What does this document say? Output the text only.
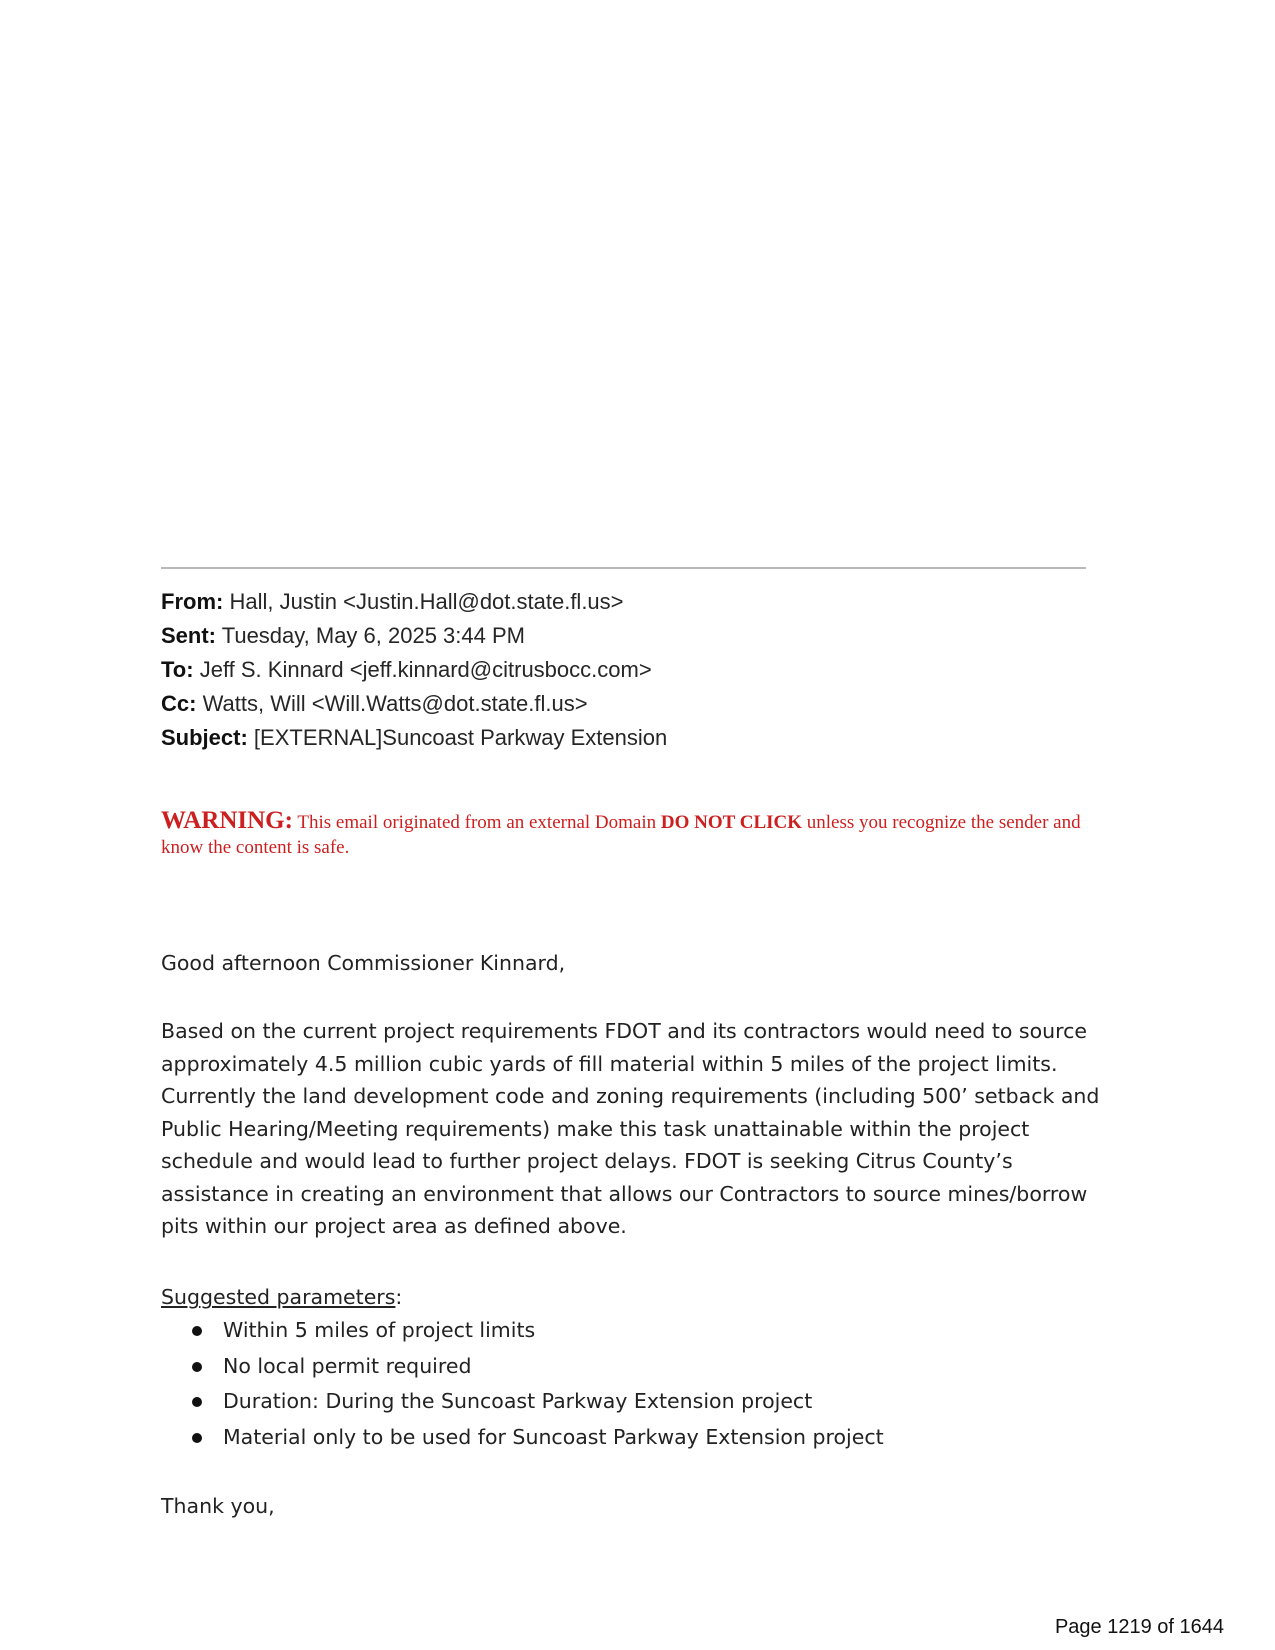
From: Hall, Justin <Justin.Hall@dot.state.fl.us>
Sent: Tuesday, May 6, 2025 3:44 PM
To: Jeff S. Kinnard <jeff.kinnard@citrusbocc.com>
Cc: Watts, Will <Will.Watts@dot.state.fl.us>
Subject: [EXTERNAL]Suncoast Parkway Extension
WARNING: This email originated from an external Domain DO NOT CLICK unless you recognize the sender and know the content is safe.
Good afternoon Commissioner Kinnard,
Based on the current project requirements FDOT and its contractors would need to source approximately 4.5 million cubic yards of fill material within 5 miles of the project limits. Currently the land development code and zoning requirements (including 500’ setback and Public Hearing/Meeting requirements) make this task unattainable within the project schedule and would lead to further project delays. FDOT is seeking Citrus County’s assistance in creating an environment that allows our Contractors to source mines/borrow pits within our project area as defined above.
Suggested parameters:
Within 5 miles of project limits
No local permit required
Duration: During the Suncoast Parkway Extension project
Material only to be used for Suncoast Parkway Extension project
Thank you,
Page 1219 of 1644
